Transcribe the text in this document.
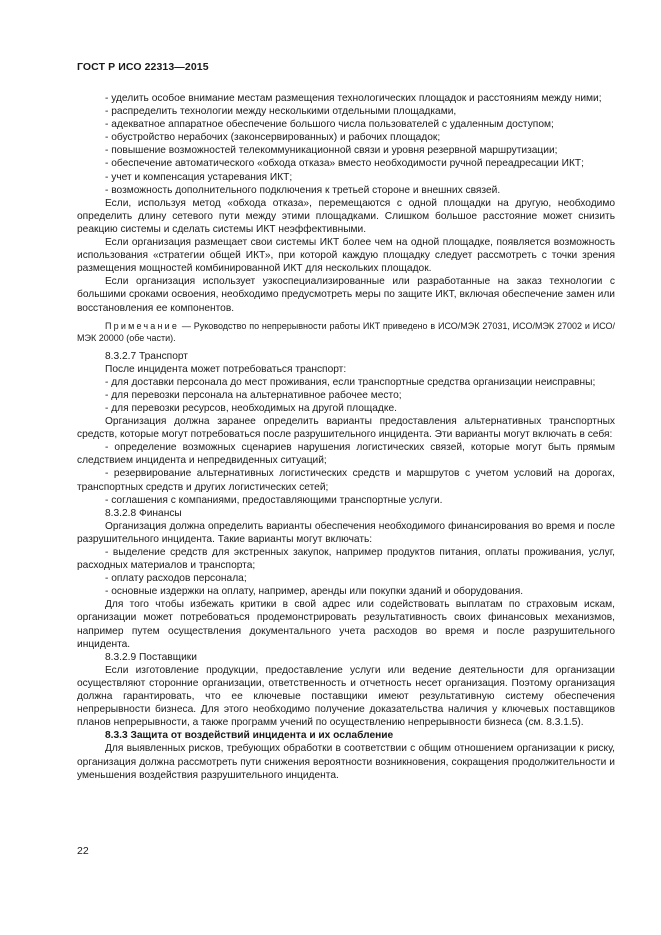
ГОСТ Р ИСО 22313—2015

- уделить особое внимание местам размещения технологических площадок и расстояниям между ними;

- распределить технологии между несколькими отдельными площадками,

- адекватное аппаратное обеспечение большого числа пользователей с удаленным доступом;

- обустройство нерабочих (законсервированных) и рабочих площадок;

- повышение возможностей телекоммуникационной связи и уровня резервной маршрутизации;

- обеспечение автоматического «обхода отказа» вместо необходимости ручной переадресации ИКТ;

- учет и компенсация устаревания ИКТ;

- возможность дополнительного подключения к третьей стороне и внешних связей.

Если, используя метод «обхода отказа», перемещаются с одной площадки на другую, необходимо определить длину сетевого пути между этими площадками. Слишком большое расстояние может снизить реакцию системы и сделать системы ИКТ неэффективными.

Если организация размещает свои системы ИКТ более чем на одной площадке, появляется возможность использования «стратегии общей ИКТ», при которой каждую площадку следует рассмотреть с точки зрения размещения мощностей комбинированной ИКТ для нескольких площадок.

Если организация использует узкоспециализированные или разработанные на заказ технологии с большими сроками освоения, необходимо предусмотреть меры по защите ИКТ, включая обеспечение замен или восстановления ее компонентов.

Примечание — Руководство по непрерывности работы ИКТ приведено в ИСО/МЭК 27031, ИСО/МЭК 27002 и ИСО/МЭК 20000 (обе части).

8.3.2.7 Транспорт

После инцидента может потребоваться транспорт:

- для доставки персонала до мест проживания, если транспортные средства организации неисправны;

- для перевозки персонала на альтернативное рабочее место;

- для перевозки ресурсов, необходимых на другой площадке.

Организация должна заранее определить варианты предоставления альтернативных транспортных средств, которые могут потребоваться после разрушительного инцидента. Эти варианты могут включать в себя:

- определение возможных сценариев нарушения логистических связей, которые могут быть прямым следствием инцидента и непредвиденных ситуаций;

- резервирование альтернативных логистических средств и маршрутов с учетом условий на дорогах, транспортных средств и других логистических сетей;

- соглашения с компаниями, предоставляющими транспортные услуги.

8.3.2.8 Финансы

Организация должна определить варианты обеспечения необходимого финансирования во время и после разрушительного инцидента. Такие варианты могут включать:

- выделение средств для экстренных закупок, например продуктов питания, оплаты проживания, услуг, расходных материалов и транспорта;

- оплату расходов персонала;

- основные издержки на оплату, например, аренды или покупки зданий и оборудования.

Для того чтобы избежать критики в свой адрес или содействовать выплатам по страховым искам, организации может потребоваться продемонстрировать результативность своих финансовых механизмов, например путем осуществления документального учета расходов во время и после разрушительного инцидента.

8.3.2.9 Поставщики

Если изготовление продукции, предоставление услуги или ведение деятельности для организации осуществляют сторонние организации, ответственность и отчетность несет организация. Поэтому организация должна гарантировать, что ее ключевые поставщики имеют результативную систему обеспечения непрерывности бизнеса. Для этого необходимо получение доказательства наличия у ключевых поставщиков планов непрерывности, а также программ учений по осуществлению непрерывности бизнеса (см. 8.3.1.5).

8.3.3 Защита от воздействий инцидента и их ослабление

Для выявленных рисков, требующих обработки в соответствии с общим отношением организации к риску, организация должна рассмотреть пути снижения вероятности возникновения, сокращения продолжительности и уменьшения воздействия разрушительного инцидента.

22
